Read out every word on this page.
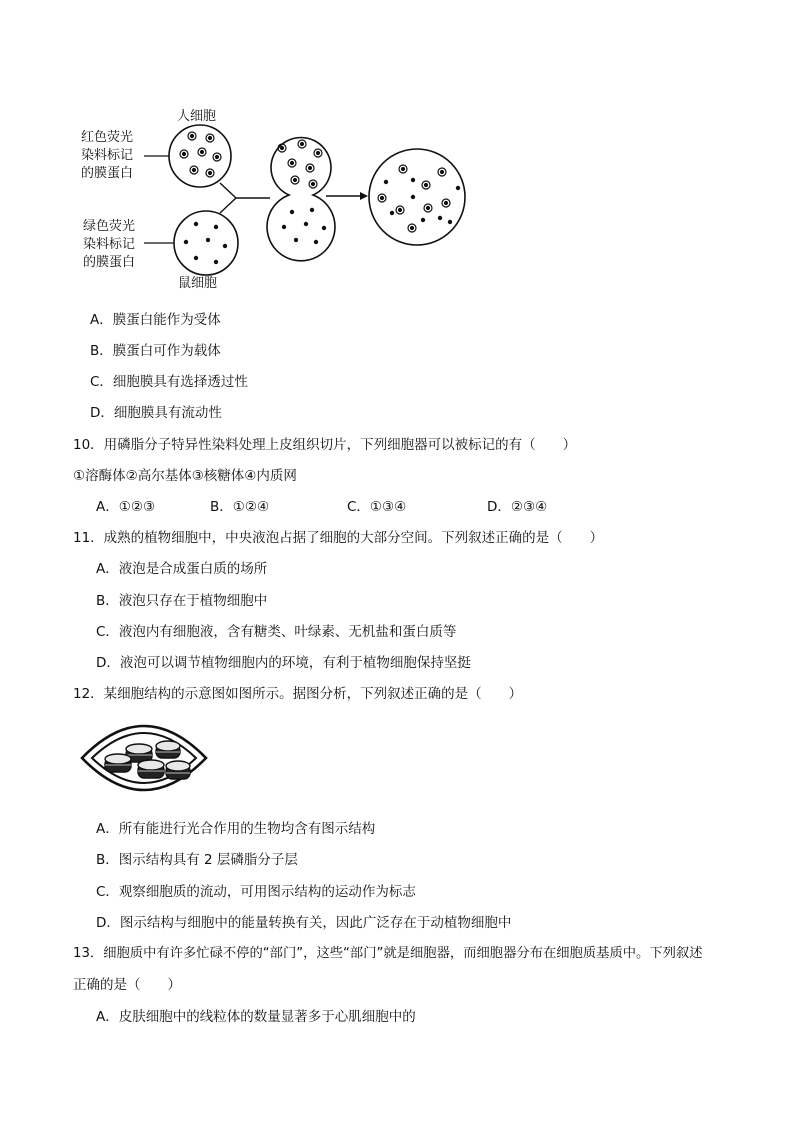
人细胞
红色荧光
染料标记
的膜蛋白
绿色荧光
染料标记
的膜蛋白
鼠细胞
A．膜蛋白能作为受体
B．膜蛋白可作为载体
C．细胞膜具有选择透过性
D．细胞膜具有流动性
10．用磷脂分子特异性染料处理上皮组织切片，下列细胞器可以被标记的有（　　）
①溶酶体②高尔基体③核糖体④内质网
A．①②③	B．①②④	C．①③④	D．②③④
11．成熟的植物细胞中，中央液泡占据了细胞的大部分空间。下列叙述正确的是（　　）
A．液泡是合成蛋白质的场所
B．液泡只存在于植物细胞中
C．液泡内有细胞液，含有糖类、叶绿素、无机盐和蛋白质等
D．液泡可以调节植物细胞内的环境，有利于植物细胞保持坚挺
12．某细胞结构的示意图如图所示。据图分析，下列叙述正确的是（　　）
A．所有能进行光合作用的生物均含有图示结构
B．图示结构具有 2 层磷脂分子层
C．观察细胞质的流动，可用图示结构的运动作为标志
D．图示结构与细胞中的能量转换有关，因此广泛存在于动植物细胞中
13．细胞质中有许多忙碌不停的“部门”，这些“部门”就是细胞器，而细胞器分布在细胞质基质中。下列叙述
正确的是（　　）
A．皮肤细胞中的线粒体的数量显著多于心肌细胞中的
